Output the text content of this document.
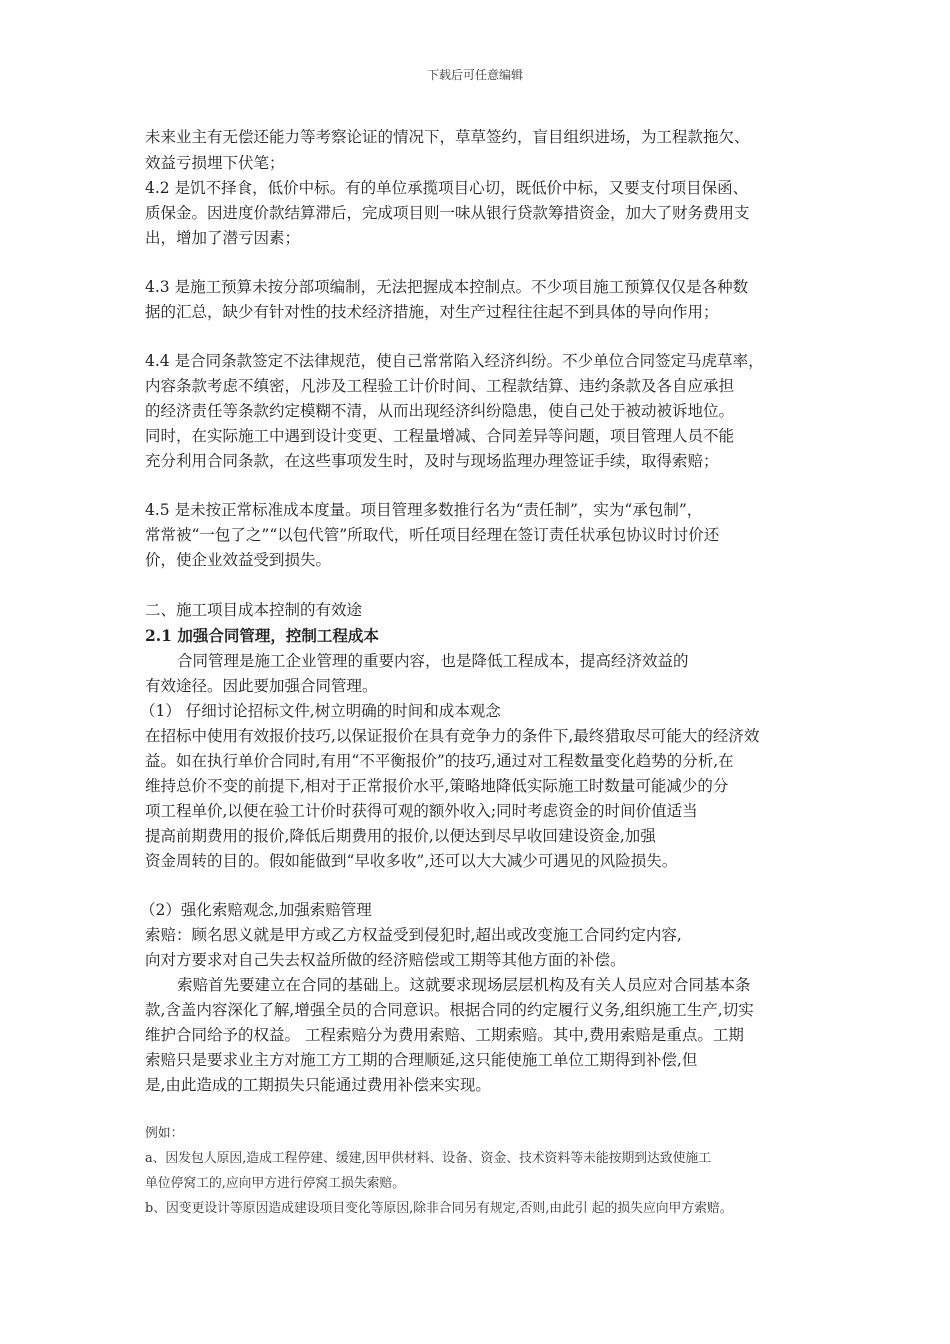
下载后可任意编辑
未来业主有无偿还能力等考察论证的情况下，草草签约，盲目组织进场，为工程款拖欠、
效益亏损埋下伏笔；
4.2 是饥不择食，低价中标。有的单位承揽项目心切，既低价中标，又要支付项目保函、
质保金。因进度价款结算滞后，完成项目则一味从银行贷款筹措资金，加大了财务费用支
出，增加了潜亏因素；
4.3 是施工预算未按分部项编制，无法把握成本控制点。不少项目施工预算仅仅是各种数
据的汇总，缺少有针对性的技术经济措施，对生产过程往往起不到具体的导向作用；
4.4 是合同条款签定不法律规范，使自己常常陷入经济纠纷。不少单位合同签定马虎草率，
内容条款考虑不缜密，凡涉及工程验工计价时间、工程款结算、违约条款及各自应承担
的经济责任等条款约定模糊不清，从而出现经济纠纷隐患，使自己处于被动被诉地位。
同时，在实际施工中遇到设计变更、工程量增减、合同差异等问题，项目管理人员不能
充分利用合同条款，在这些事项发生时，及时与现场监理办理签证手续，取得索赔；
4.5 是未按正常标准成本度量。项目管理多数推行名为“责任制”，实为“承包制”，
常常被“一包了之”“以包代管”所取代，听任项目经理在签订责任状承包协议时讨价还
价，使企业效益受到损失。
二、施工项目成本控制的有效途
2.1 加强合同管理，控制工程成本
合同管理是施工企业管理的重要内容，也是降低工程成本，提高经济效益的
有效途径。因此要加强合同管理。
（1） 仔细讨论招标文件,树立明确的时间和成本观念
在招标中使用有效报价技巧,以保证报价在具有竞争力的条件下,最终猎取尽可能大的经济效
益。如在执行单价合同时,有用“不平衡报价”的技巧,通过对工程数量变化趋势的分析,在
维持总价不变的前提下,相对于正常报价水平,策略地降低实际施工时数量可能减少的分
项工程单价,以便在验工计价时获得可观的额外收入;同时考虑资金的时间价值适当
提高前期费用的报价,降低后期费用的报价,以便达到尽早收回建设资金,加强
资金周转的目的。假如能做到“早收多收”,还可以大大减少可遇见的风险损失。
（2）强化索赔观念,加强索赔管理
索赔：顾名思义就是甲方或乙方权益受到侵犯时,超出或改变施工合同约定内容,
向对方要求对自己失去权益所做的经济赔偿或工期等其他方面的补偿。
索赔首先要建立在合同的基础上。这就要求现场层层机构及有关人员应对合同基本条
款,含盖内容深化了解,增强全员的合同意识。根据合同的约定履行义务,组织施工生产,切实
维护合同给予的权益。 工程索赔分为费用索赔、工期索赔。其中,费用索赔是重点。工期
索赔只是要求业主方对施工方工期的合理顺延,这只能使施工单位工期得到补偿,但
是,由此造成的工期损失只能通过费用补偿来实现。
例如：
a、因发包人原因,造成工程停建、缓建,因甲供材料、设备、资金、技术资料等未能按期到达致使施工
单位停窝工的,应向甲方进行停窝工损失索赔。
b、因变更设计等原因造成建设项目变化等原因,除非合同另有规定,否则,由此引 起的损失应向甲方索赔。
